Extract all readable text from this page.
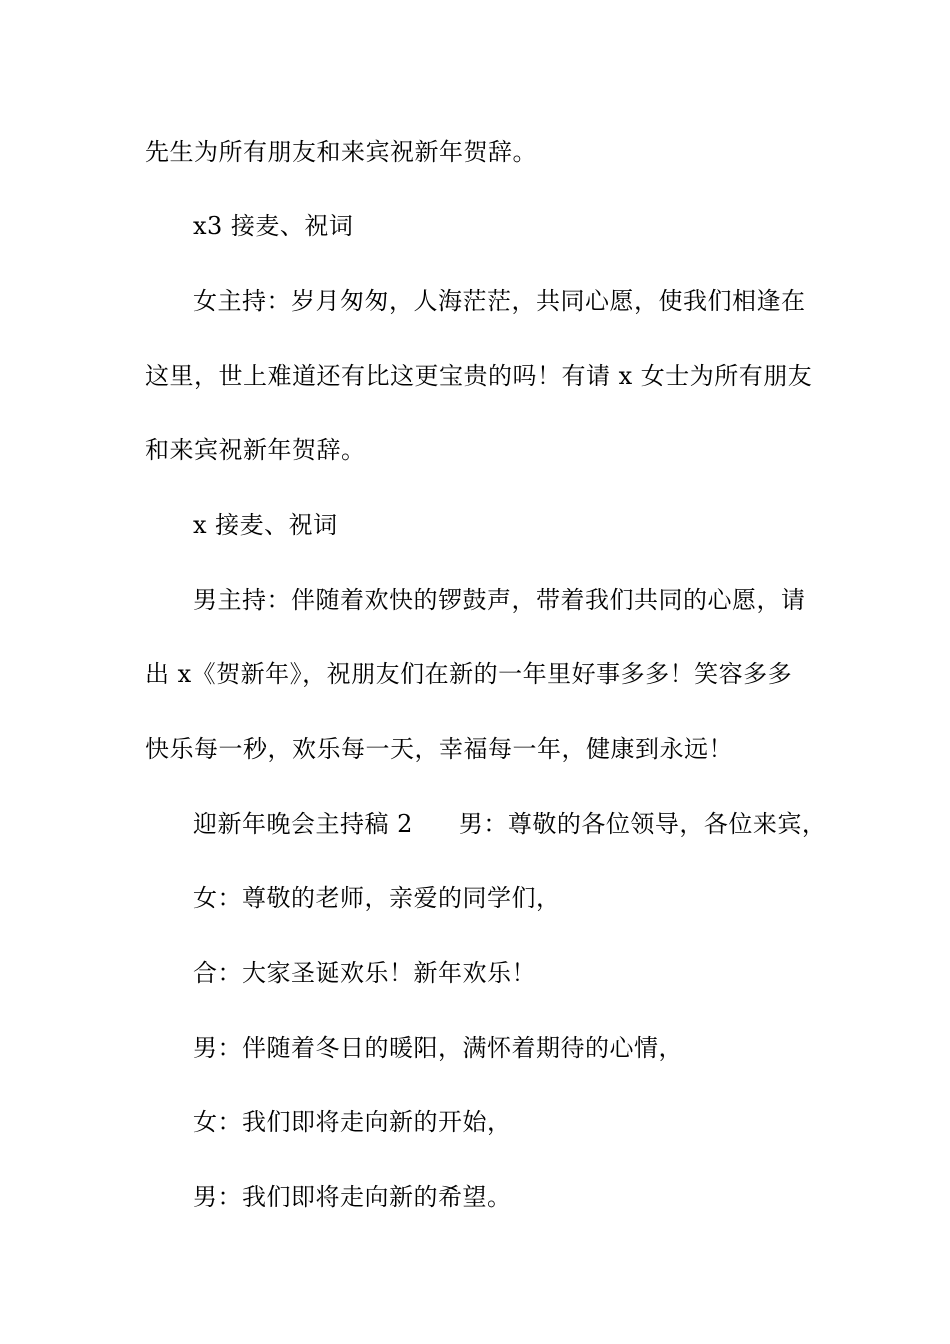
先生为所有朋友和来宾祝新年贺辞。
x3 接麦、祝词
女主持：岁月匆匆，人海茫茫，共同心愿，使我们相逢在
这里，世上难道还有比这更宝贵的吗！有请 x 女士为所有朋友
和来宾祝新年贺辞。
x 接麦、祝词
男主持：伴随着欢快的锣鼓声，带着我们共同的心愿，请
出 x《贺新年》，祝朋友们在新的一年里好事多多！笑容多多
快乐每一秒，欢乐每一天，幸福每一年，健康到永远！
迎新年晚会主持稿 2 男：尊敬的各位领导，各位来宾，
女：尊敬的老师，亲爱的同学们，
合：大家圣诞欢乐！新年欢乐！
男：伴随着冬日的暖阳，满怀着期待的心情，
女：我们即将走向新的开始，
男：我们即将走向新的希望。
